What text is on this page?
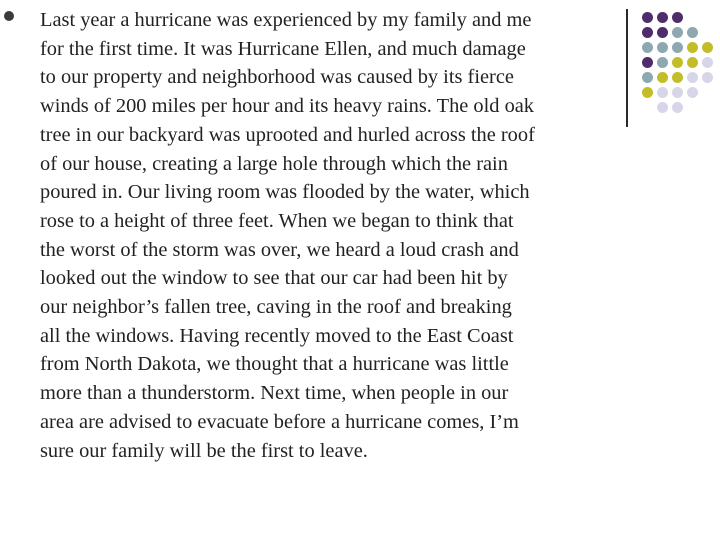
Last year a hurricane was experienced by my family and me
for the first time. It was Hurricane Ellen, and much damage
to our property and neighborhood was caused by its fierce
winds of 200 miles per hour and its heavy rains. The old oak
tree in our backyard was uprooted and hurled across the roof
of our house, creating a large hole through which the rain
poured in. Our living room was flooded by the water, which
rose to a height of three feet. When we began to think that
the worst of the storm was over, we heard a loud crash and
looked out the window to see that our car had been hit by
our neighbor’s fallen tree, caving in the roof and breaking
all the windows. Having recently moved to the East Coast
from North Dakota, we thought that a hurricane was little
more than a thunderstorm. Next time, when people in our
area are advised to evacuate before a hurricane comes, I’m
sure our family will be the first to leave.
